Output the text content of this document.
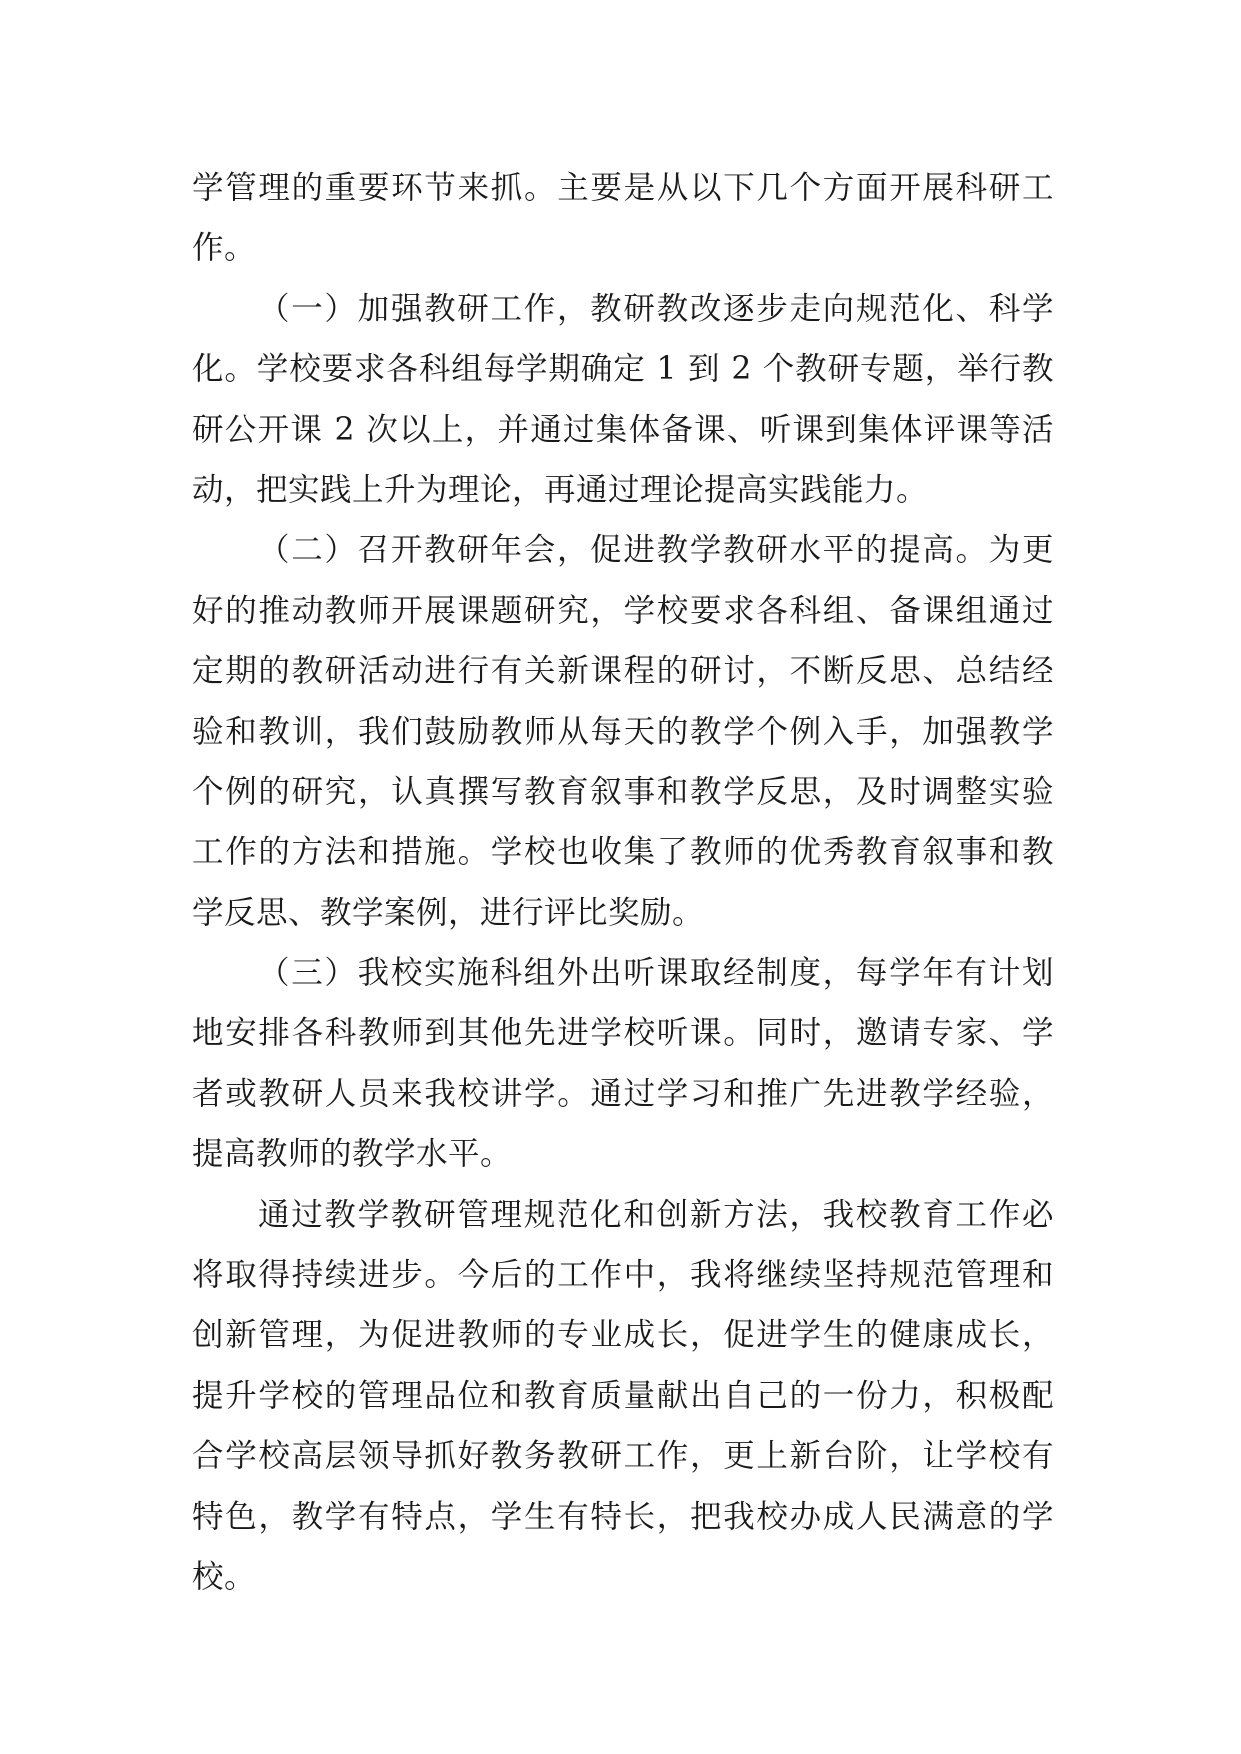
学管理的重要环节来抓。主要是从以下几个方面开展科研工
作。
（一）加强教研工作，教研教改逐步走向规范化、科学
化。学校要求各科组每学期确定 1 到 2 个教研专题，举行教
研公开课 2 次以上，并通过集体备课、听课到集体评课等活
动，把实践上升为理论，再通过理论提高实践能力。
（二）召开教研年会，促进教学教研水平的提高。为更
好的推动教师开展课题研究，学校要求各科组、备课组通过
定期的教研活动进行有关新课程的研讨，不断反思、总结经
验和教训，我们鼓励教师从每天的教学个例入手，加强教学
个例的研究，认真撰写教育叙事和教学反思，及时调整实验
工作的方法和措施。学校也收集了教师的优秀教育叙事和教
学反思、教学案例，进行评比奖励。
（三）我校实施科组外出听课取经制度，每学年有计划
地安排各科教师到其他先进学校听课。同时，邀请专家、学
者或教研人员来我校讲学。通过学习和推广先进教学经验，
提高教师的教学水平。
通过教学教研管理规范化和创新方法，我校教育工作必
将取得持续进步。今后的工作中，我将继续坚持规范管理和
创新管理，为促进教师的专业成长，促进学生的健康成长，
提升学校的管理品位和教育质量献出自己的一份力，积极配
合学校高层领导抓好教务教研工作，更上新台阶，让学校有
特色，教学有特点，学生有特长，把我校办成人民满意的学
校。
